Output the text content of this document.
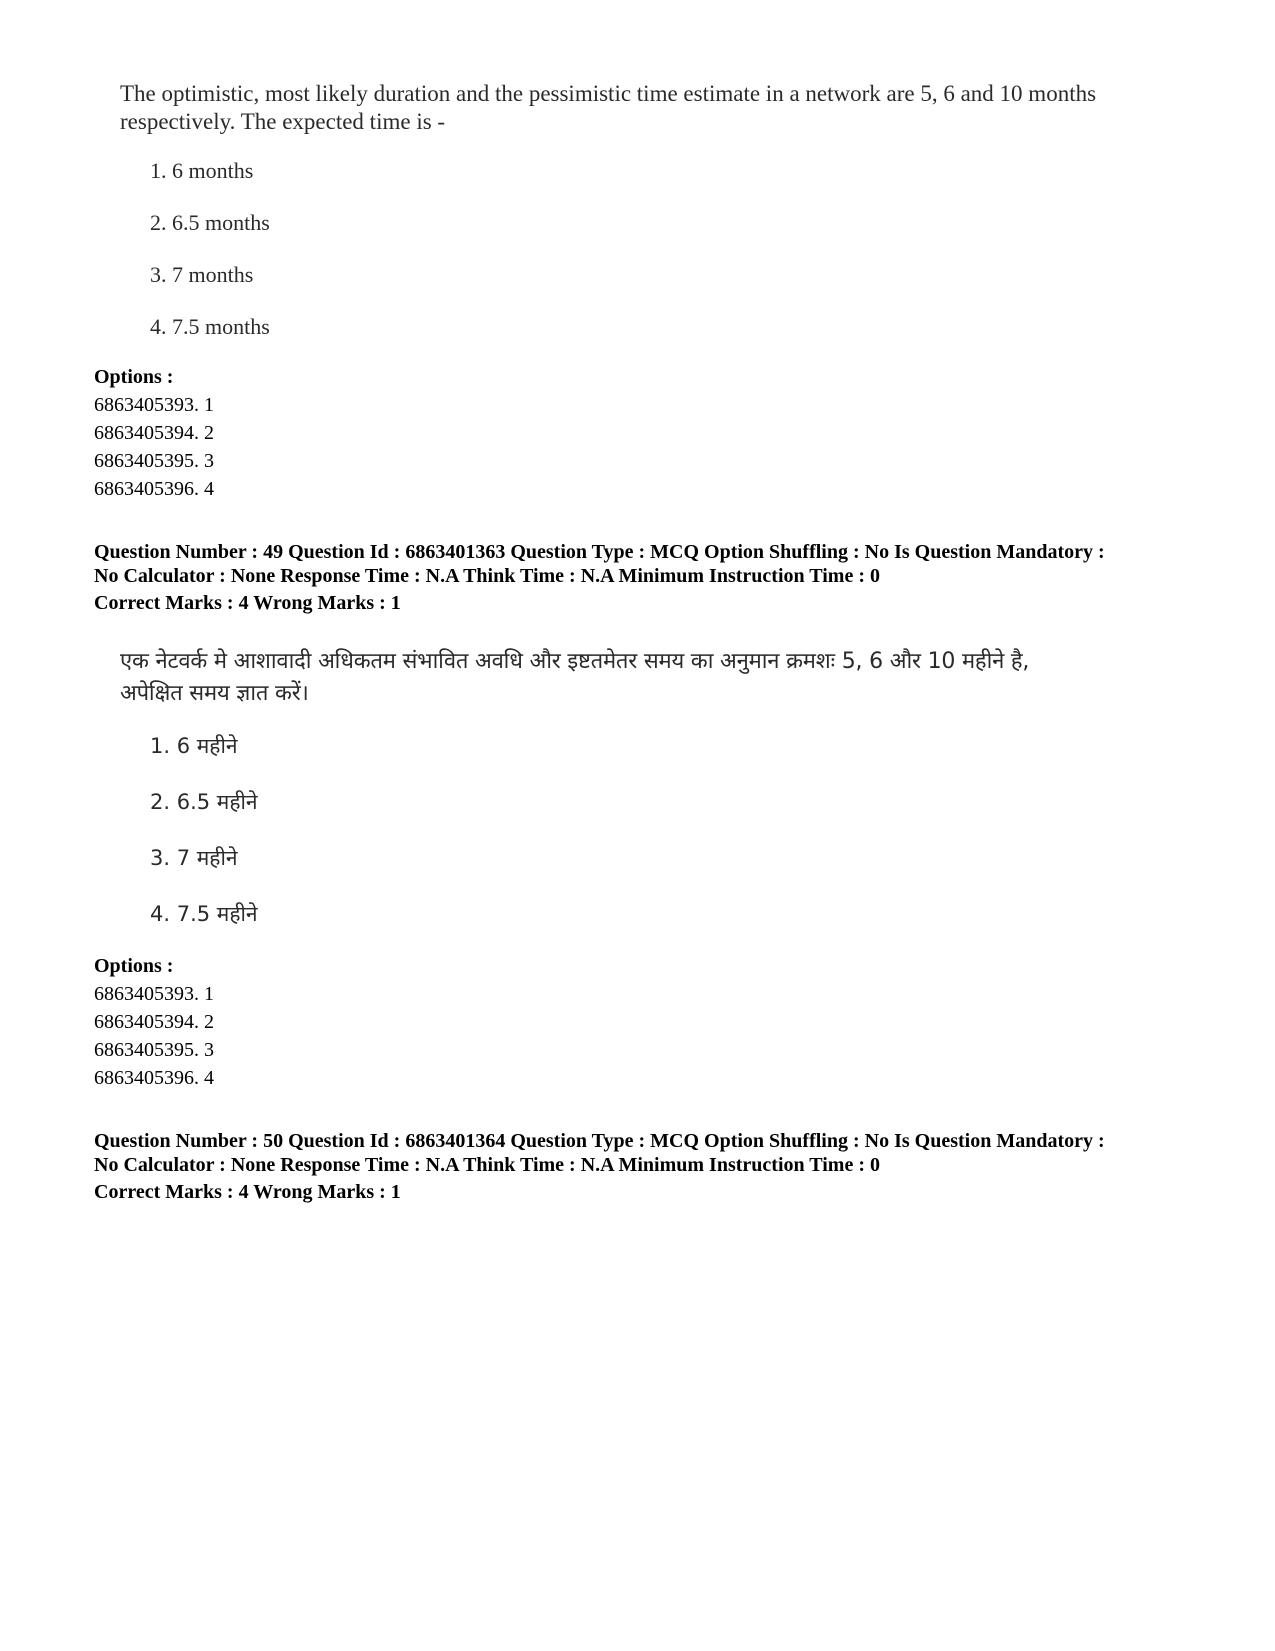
The optimistic, most likely duration and the pessimistic time estimate in a network are 5, 6 and 10 months respectively. The expected time is -
1. 6 months
2. 6.5 months
3. 7 months
4. 7.5 months
Options :
6863405393. 1
6863405394. 2
6863405395. 3
6863405396. 4
Question Number : 49 Question Id : 6863401363 Question Type : MCQ Option Shuffling : No Is Question Mandatory :
No Calculator : None Response Time : N.A Think Time : N.A Minimum Instruction Time : 0
Correct Marks : 4 Wrong Marks : 1
एक नेटवर्क मे आशावादी अधिकतम संभावित अवधि और इष्टतमेतर समय का अनुमान क्रमशः 5, 6 और 10 महीने है,
अपेक्षित समय ज्ञात करें।
1. 6 महीने
2. 6.5 महीने
3. 7 महीने
4. 7.5 महीने
Options :
6863405393. 1
6863405394. 2
6863405395. 3
6863405396. 4
Question Number : 50 Question Id : 6863401364 Question Type : MCQ Option Shuffling : No Is Question Mandatory :
No Calculator : None Response Time : N.A Think Time : N.A Minimum Instruction Time : 0
Correct Marks : 4 Wrong Marks : 1
